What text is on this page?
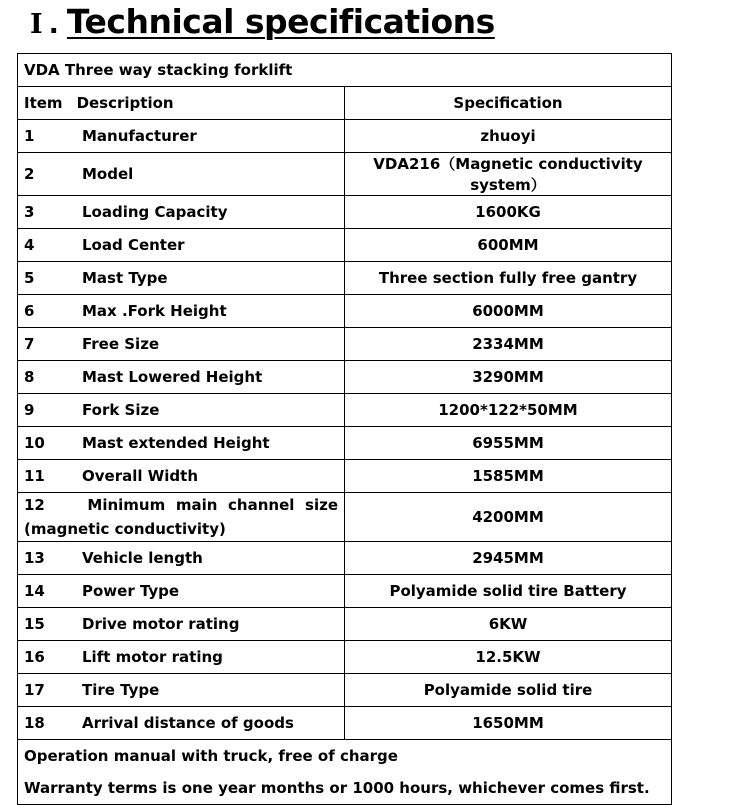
I . Technical specifications
VDA Three way stacking forklift	
Item Description	Specification
1 Manufacturer	zhuoyi
2 Model	VDA216（Magnetic conductivity system）
3 Loading Capacity	1600KG
4 Load Center	600MM
5 Mast Type	Three section fully free gantry
6 Max .Fork Height	6000MM
7 Free Size	2334MM
8 Mast Lowered Height	3290MM
9 Fork Size	1200*122*50MM
10 Mast extended Height	6955MM
11 Overall Width	1585MM

12 Minimum main channel size
(magnetic conductivity)	4200MM
13 Vehicle length	2945MM
14 Power Type	Polyamide solid tire Battery
15 Drive motor rating	6KW
16 Lift motor rating	12.5KW
17 Tire Type	Polyamide solid tire
18 Arrival distance of goods	1650MM
Operation manual with truck, free of charge	
Warranty terms is one year months or 1000 hours, whichever comes first.	
